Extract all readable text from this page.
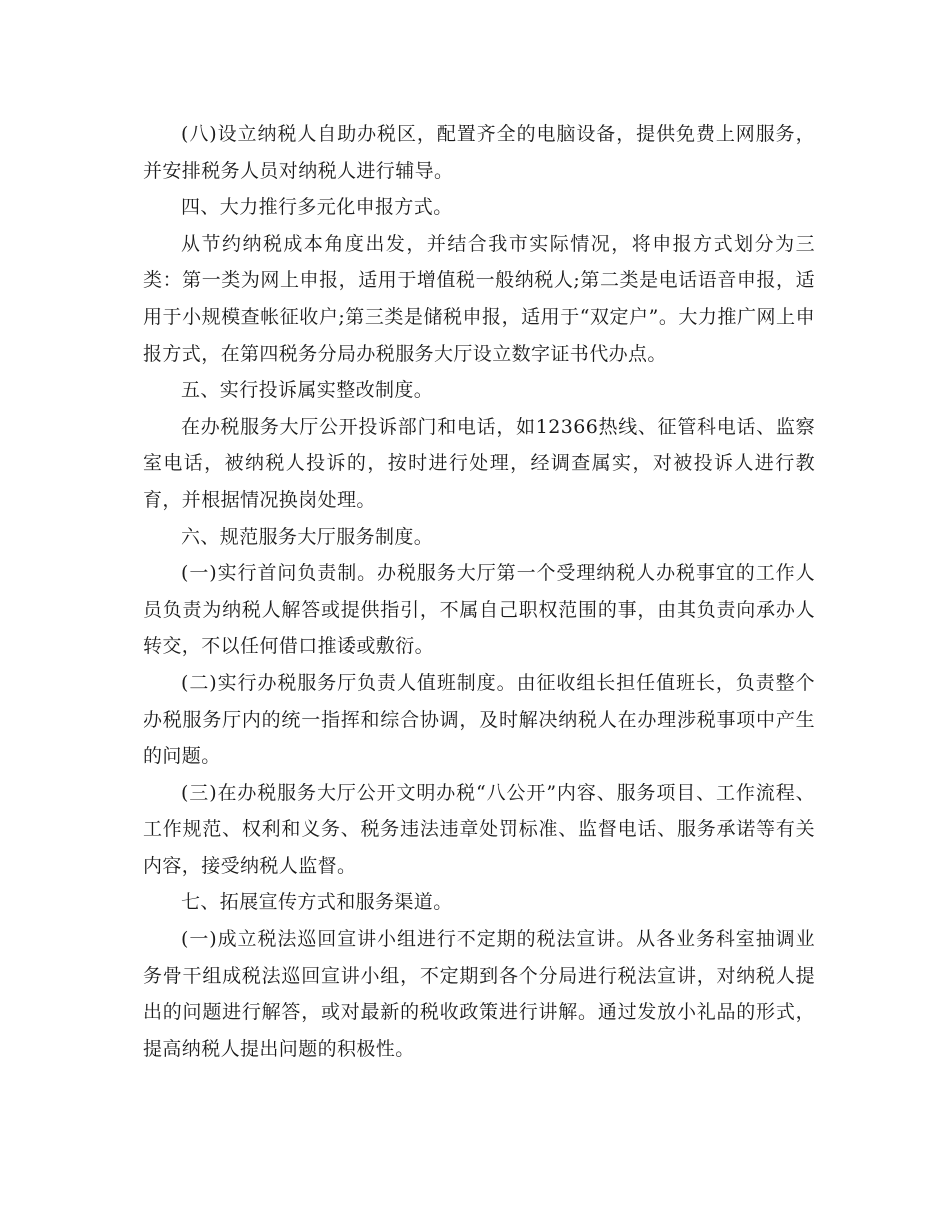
(八)设立纳税人自助办税区，配置齐全的电脑设备，提供免费上网服务，并安排税务人员对纳税人进行辅导。

四、大力推行多元化申报方式。

从节约纳税成本角度出发，并结合我市实际情况，将申报方式划分为三类：第一类为网上申报，适用于增值税一般纳税人;第二类是电话语音申报，适用于小规模查帐征收户;第三类是储税申报，适用于“双定户”。大力推广网上申报方式，在第四税务分局办税服务大厅设立数字证书代办点。

五、实行投诉属实整改制度。

在办税服务大厅公开投诉部门和电话，如12366热线、征管科电话、监察室电话，被纳税人投诉的，按时进行处理，经调查属实，对被投诉人进行教育，并根据情况换岗处理。

六、规范服务大厅服务制度。

(一)实行首问负责制。办税服务大厅第一个受理纳税人办税事宜的工作人员负责为纳税人解答或提供指引，不属自己职权范围的事，由其负责向承办人转交，不以任何借口推诿或敷衍。

(二)实行办税服务厅负责人值班制度。由征收组长担任值班长，负责整个办税服务厅内的统一指挥和综合协调，及时解决纳税人在办理涉税事项中产生的问题。

(三)在办税服务大厅公开文明办税“八公开”内容、服务项目、工作流程、工作规范、权利和义务、税务违法违章处罚标准、监督电话、服务承诺等有关内容，接受纳税人监督。

七、拓展宣传方式和服务渠道。

(一)成立税法巡回宣讲小组进行不定期的税法宣讲。从各业务科室抽调业务骨干组成税法巡回宣讲小组，不定期到各个分局进行税法宣讲，对纳税人提出的问题进行解答，或对最新的税收政策进行讲解。通过发放小礼品的形式，提高纳税人提出问题的积极性。
